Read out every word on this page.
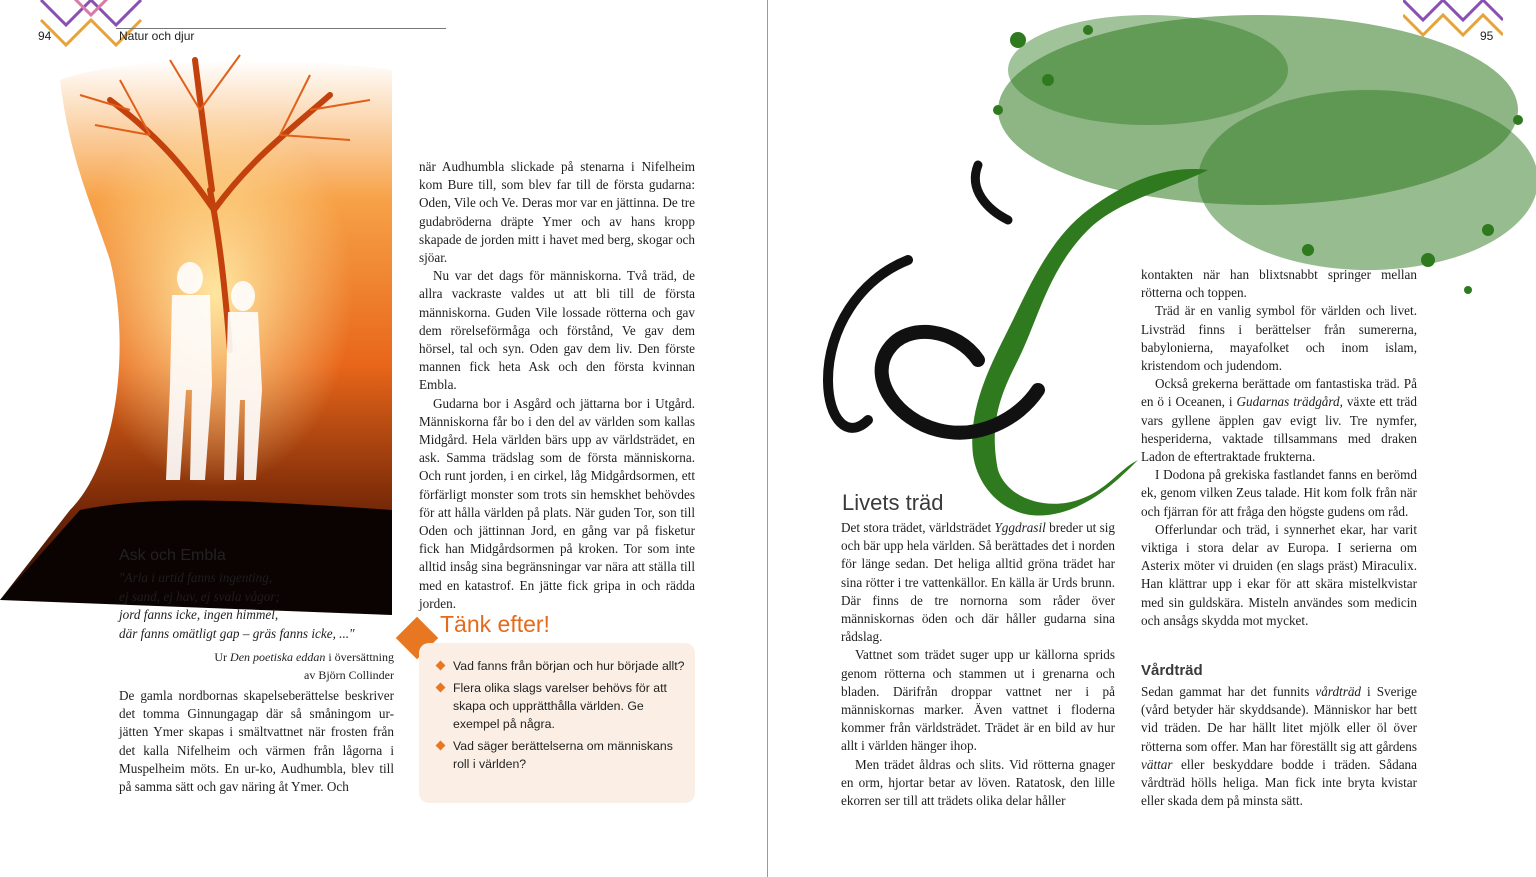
94	Natur och djur
Ask och Embla
"Arla i urtid fanns ingenting,
ej sand, ej hav, ej svala vågor;
jord fanns icke, ingen himmel,
där fanns omätligt gap – gräs fanns icke, ..."
Ur Den poetiska eddan i översättning
av Björn Collinder

De gamla nordbornas skapelseberättelse beskriver det tomma Ginnungagap där så småningom ur-jätten Ymer skapas i smältvattnet när frosten från det kalla Nifelheim och värmen från lågorna i Muspelheim möts. En ur-ko, Audhumbla, blev till på samma sätt och gav näring åt Ymer. Och

när Audhumbla slickade på stenarna i Nifelheim kom Bure till, som blev far till de första gudarna: Oden, Vile och Ve. Deras mor var en jättinna. De tre gudabröderna dräpte Ymer och av hans kropp skapade de jorden mitt i havet med berg, skogar och sjöar.

Nu var det dags för människorna. Två träd, de allra vackraste valdes ut att bli till de första människorna. Guden Vile lossade rötterna och gav dem rörelseförmåga och förstånd, Ve gav dem hörsel, tal och syn. Oden gav dem liv. Den förste mannen fick heta Ask och den första kvinnan Embla.

Gudarna bor i Asgård och jättarna bor i Utgård. Människorna får bo i den del av världen som kallas Midgård. Hela världen bärs upp av världsträdet, en ask. Samma trädslag som de första människorna. Och runt jorden, i en cirkel, låg Midgårdsormen, ett förfärligt monster som trots sin hemskhet behövdes för att hålla världen på plats. När guden Tor, son till Oden och jättinnan Jord, en gång var på fisketur fick han Midgårdsormen på kroken. Tor som inte alltid insåg sina begränsningar var nära att ställa till med en katastrof. En jätte fick gripa in och rädda jorden.

Tänk efter!
Vad fanns från början och hur började allt?
Flera olika slags varelser behövs för att skapa och upprätthålla världen. Ge exempel på några.
Vad säger berättelserna om människans roll i världen?
95
Livets träd

Det stora trädet, världsträdet Yggdrasil breder ut sig och bär upp hela världen. Så berättades det i norden för länge sedan. Det heliga alltid gröna trädet har sina rötter i tre vattenkällor. En källa är Urds brunn. Där finns de tre nornorna som råder över människornas öden och där håller gudarna sina rådslag.

Vattnet som trädet suger upp ur källorna sprids genom rötterna och stammen ut i grenarna och bladen. Därifrån droppar vattnet ner i på människornas marker. Även vattnet i floderna kommer från världsträdet. Trädet är en bild av hur allt i världen hänger ihop.

Men trädet åldras och slits. Vid rötterna gnager en orm, hjortar betar av löven. Ratatosk, den lille ekorren ser till att trädets olika delar håller

kontakten när han blixtsnabbt springer mellan rötterna och toppen.

Träd är en vanlig symbol för världen och livet. Livsträd finns i berättelser från sumererna, babylonierna, mayafolket och inom islam, kristendom och judendom.

Också grekerna berättade om fantastiska träd. På en ö i Oceanen, i Gudarnas trädgård, växte ett träd vars gyllene äpplen gav evigt liv. Tre nymfer, hesperiderna, vaktade tillsammans med draken Ladon de eftertraktade frukterna.

I Dodona på grekiska fastlandet fanns en berömd ek, genom vilken Zeus talade. Hit kom folk från när och fjärran för att fråga den högste gudens om råd.

Offerlundar och träd, i synnerhet ekar, har varit viktiga i stora delar av Europa. I serierna om Asterix möter vi druiden (en slags präst) Miraculix. Han klättrar upp i ekar för att skära mistelkvistar med sin guldskära. Misteln användes som medicin och ansågs skydda mot mycket.

Vårdträd

Sedan gammat har det funnits vårdträd i Sverige (vård betyder här skyddsande). Människor har bett vid träden. De har hällt litet mjölk eller öl över rötterna som offer. Man har föreställt sig att gårdens vättar eller beskyddare bodde i träden. Sådana vårdträd hölls heliga. Man fick inte bryta kvistar eller skada dem på minsta sätt.
